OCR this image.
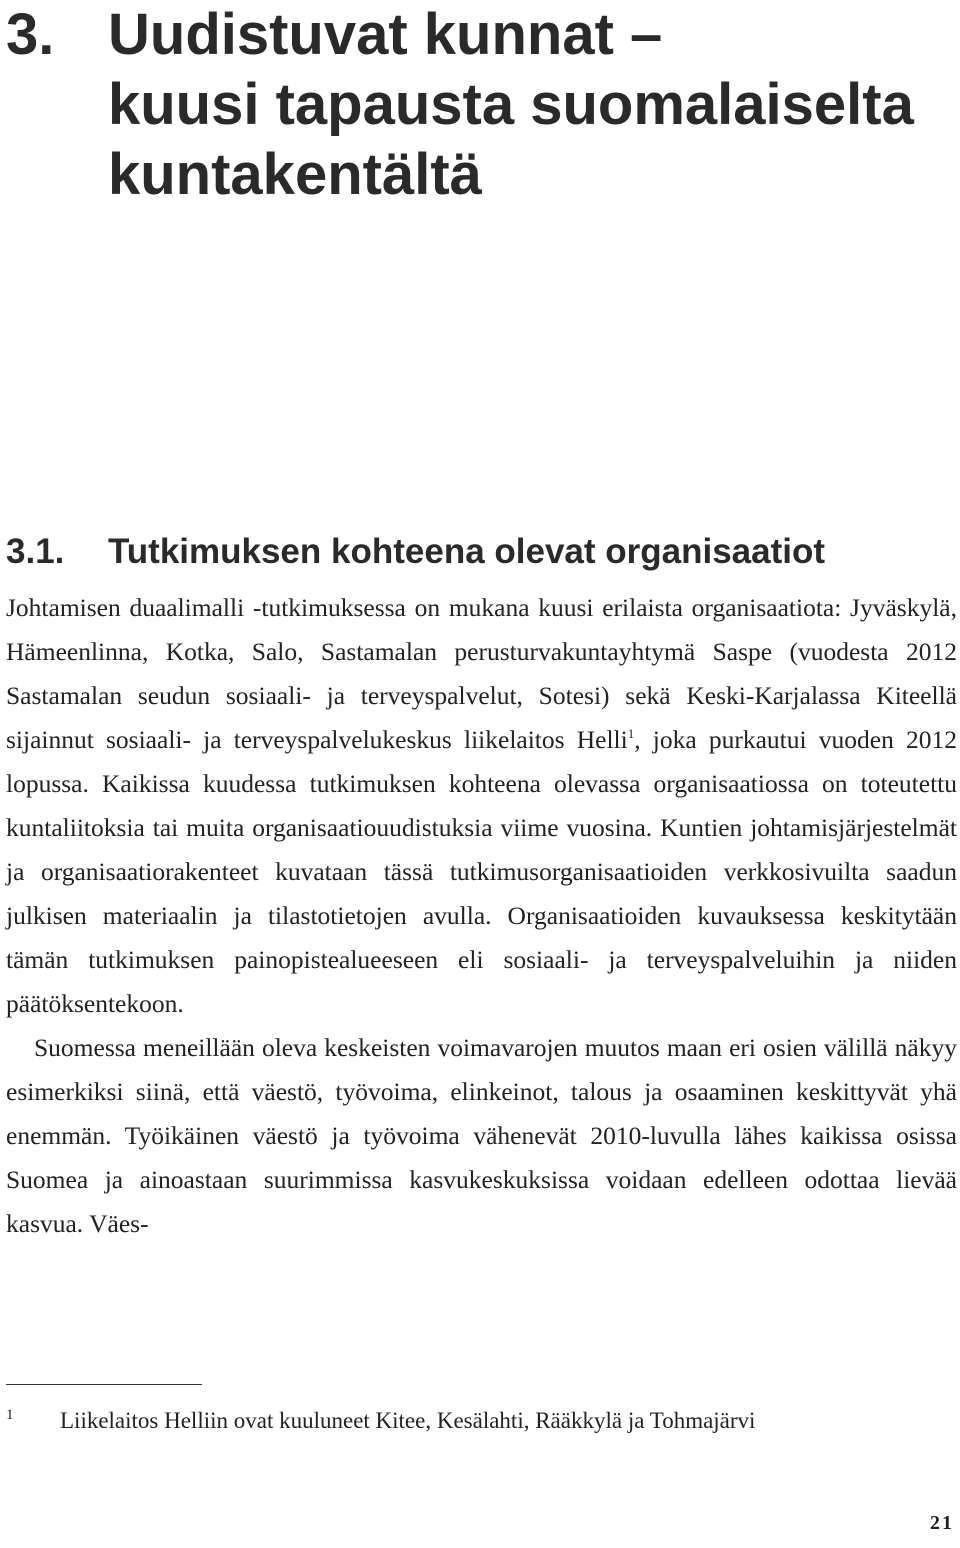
3. Uudistuvat kunnat –
kuusi tapausta suomalaiselta
kuntakentältä
3.1. Tutkimuksen kohteena olevat organisaatiot

Johtamisen duaalimalli -tutkimuksessa on mukana kuusi erilaista organisaatiota: Jyväskylä, Hämeenlinna, Kotka, Salo, Sastamalan perusturvakuntayhtymä Saspe (vuodesta 2012 Sastamalan seudun sosiaali- ja terveyspalvelut, Sotesi) sekä Keski-Karjalassa Kiteellä sijainnut sosiaali- ja terveyspalvelukeskus liikelaitos Helli$^1$, joka purkautui vuoden 2012 lopussa. Kaikissa kuudessa tutkimuksen kohteena olevassa organisaatiossa on toteutettu kuntaliitoksia tai muita organisaatiouudistuksia viime vuosina. Kuntien johtamisjärjestelmät ja organisaatiorakenteet kuvataan tässä tutkimusorganisaatioiden verkkosivuilta saadun julkisen materiaalin ja tilastotietojen avulla. Organisaatioiden kuvauksessa keskitytään tämän tutkimuksen painopistealueeseen eli sosiaali- ja terveyspalveluihin ja niiden päätöksentekoon.

Suomessa meneillään oleva keskeisten voimavarojen muutos maan eri osien välillä näkyy esimerkiksi siinä, että väestö, työvoima, elinkeinot, talous ja osaaminen keskittyvät yhä enemmän. Työikäinen väestö ja työvoima vähenevät 2010-luvulla lähes kaikissa osissa Suomea ja ainoastaan suurimmissa kasvukeskuksissa voidaan edelleen odottaa lievää kasvua. Väes-

1 Liikelaitos Helliin ovat kuuluneet Kitee, Kesälahti, Rääkkylä ja Tohmajärvi
21
